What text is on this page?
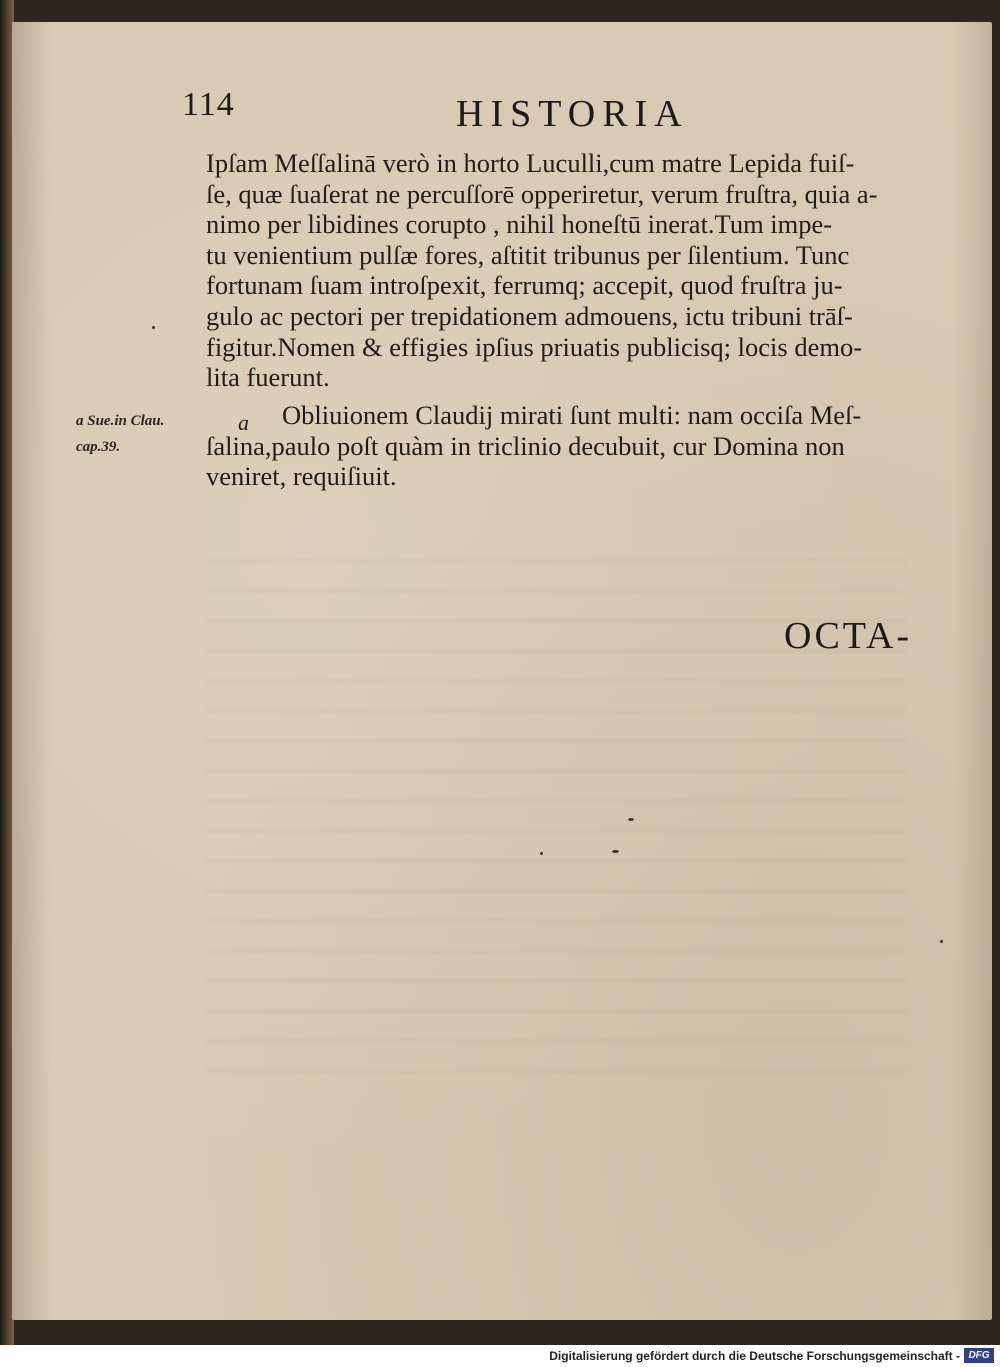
114	HISTORIA
Ipſam Meſſalinā verò in horto Luculli,cum matre Lepida fuiſ-
ſe, quæ ſuaſerat ne percuſſorē opperiretur, verum fruſtra, quia a-
nimo per libidines corupto , nihil honeſtū inerat.Tum impe-
tu venientium pulſæ fores, aſtitit tribunus per ſilentium. Tunc
fortunam ſuam introſpexit, ferrumq; accepit, quod fruſtra ju-
gulo ac pectori per trepidationem admouens, ictu tribuni trāſ-
figitur.Nomen & effigies ipſius priuatis publicisq; locis demo-
lita fuerunt.
a Sue.in Clau.
cap.39.
a	Obliuionem Claudij mirati ſunt multi: nam occiſa Meſ-
ſalina,paulo poſt quàm in triclinio decubuit, cur Domina non
veniret, requiſiuit.
OCTA-
Digitalisierung gefördert durch die Deutsche Forschungsgemeinschaft - DFG
